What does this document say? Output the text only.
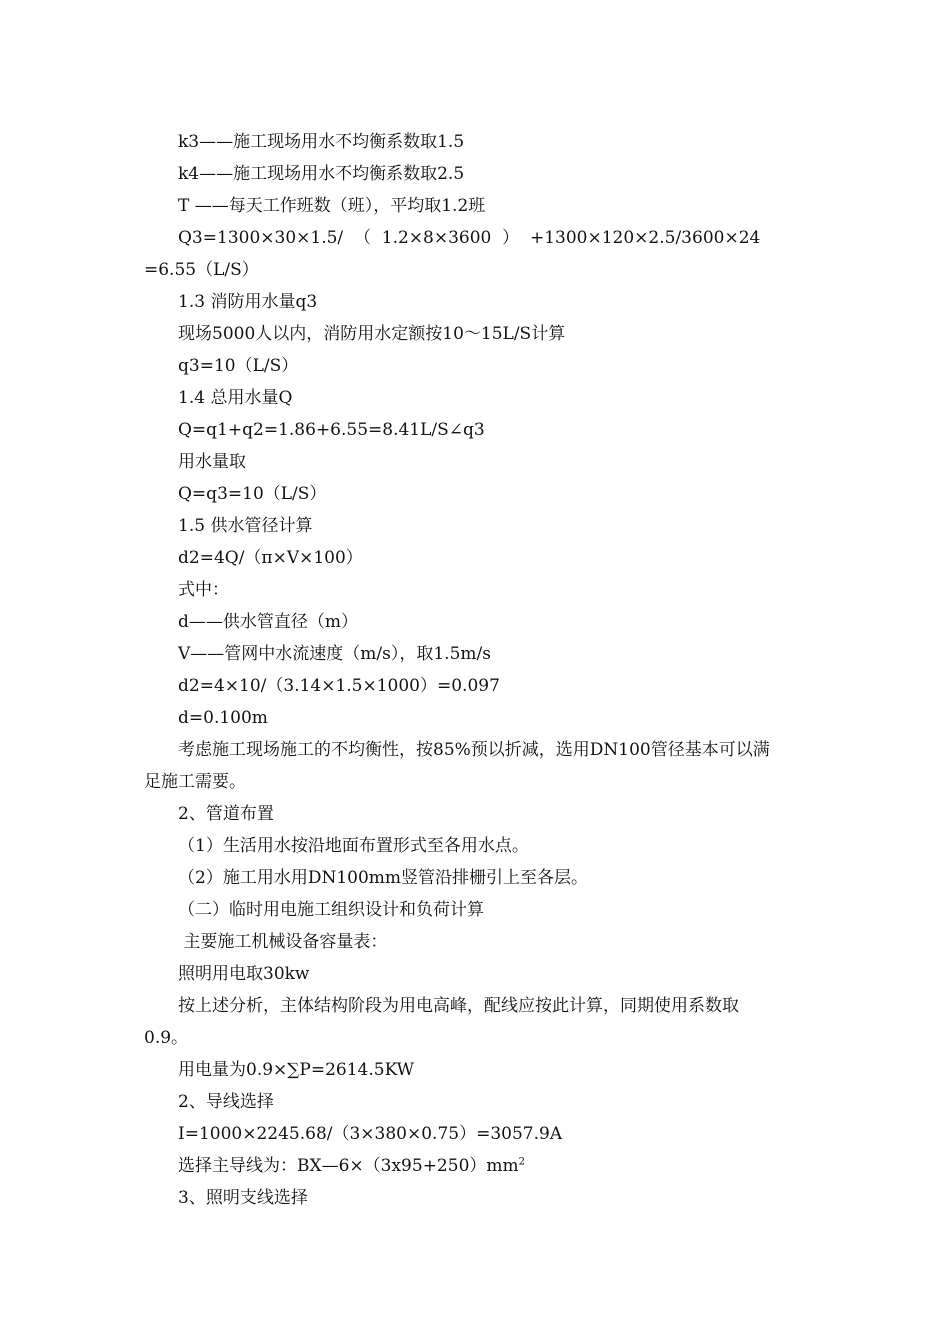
k3——施工现场用水不均衡系数取1.5
k4——施工现场用水不均衡系数取2.5
T ——每天工作班数（班），平均取1.2班
Q3=1300×30×1.5/  （  1.2×8×3600  ）  +1300×120×2.5/3600×24
=6.55（L/S）
1.3 消防用水量q3
现场5000人以内，消防用水定额按10～15L/S计算
q3=10（L/S）
1.4 总用水量Q
Q=q1+q2=1.86+6.55=8.41L/S∠q3
用水量取
Q=q3=10（L/S）
1.5 供水管径计算
d2=4Q/（π×V×100）
式中：
d——供水管直径（m）
V——管网中水流速度（m/s），取1.5m/s
d2=4×10/（3.14×1.5×1000）=0.097
d=0.100m
考虑施工现场施工的不均衡性，按85%预以折减，选用DN100管径基本可以满
足施工需要。
2、管道布置
（1）生活用水按沿地面布置形式至各用水点。
（2）施工用水用DN100mm竖管沿排栅引上至各层。
（二）临时用电施工组织设计和负荷计算
主要施工机械设备容量表：
照明用电取30kw
按上述分析，主体结构阶段为用电高峰，配线应按此计算，同期使用系数取
0.9。
用电量为0.9×∑P=2614.5KW
2、导线选择
I=1000×2245.68/（3×380×0.75）=3057.9A
选择主导线为：$BX—6\times(3x95+250)mm^2$
3、照明支线选择
